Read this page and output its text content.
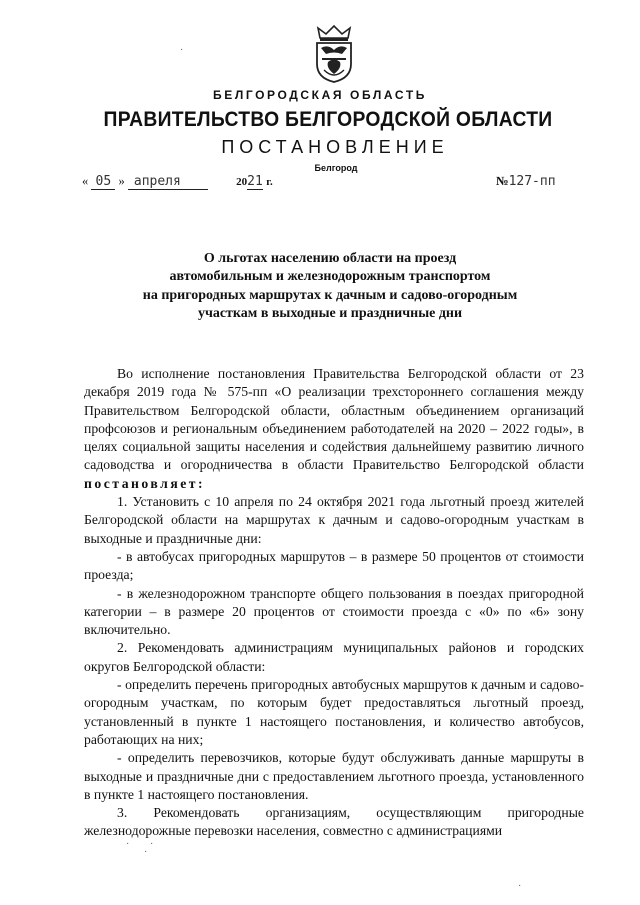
БЕЛГОРОДСКАЯ ОБЛАСТЬ
ПРАВИТЕЛЬСТВО БЕЛГОРОДСКОЙ ОБЛАСТИ
ПОСТАНОВЛЕНИЕ
Белгород
« 05 » апреля	2021 г.	№127-пп
О льготах населению области на проезд
автомобильным и железнодорожным транспортом
на пригородных маршрутах к дачным и садово-огородным
участкам в выходные и праздничные дни

Во исполнение постановления Правительства Белгородской области от 23 декабря 2019 года № 575-пп «О реализации трехстороннего соглашения между Правительством Белгородской области, областным объединением организаций профсоюзов и региональным объединением работодателей на 2020 – 2022 годы», в целях социальной защиты населения и содействия дальнейшему развитию личного садоводства и огородничества в области Правительство Белгородской области постановляет:

1. Установить с 10 апреля по 24 октября 2021 года льготный проезд жителей Белгородской области на маршрутах к дачным и садово-огородным участкам в выходные и праздничные дни:

- в автобусах пригородных маршрутов – в размере 50 процентов от стоимости проезда;

- в железнодорожном транспорте общего пользования в поездах пригородной категории – в размере 20 процентов от стоимости проезда с «0» по «6» зону включительно.

2. Рекомендовать администрациям муниципальных районов и городских округов Белгородской области:

- определить перечень пригородных автобусных маршрутов к дачным и садово-огородным участкам, по которым будет предоставляться льготный проезд, установленный в пункте 1 настоящего постановления, и количество автобусов, работающих на них;

- определить перевозчиков, которые будут обслуживать данные маршруты в выходные и праздничные дни с предоставлением льготного проезда, установленного в пункте 1 настоящего постановления.

3. Рекомендовать организациям, осуществляющим пригородные железнодорожные перевозки населения, совместно с администрациями

·
·
·
·
·
